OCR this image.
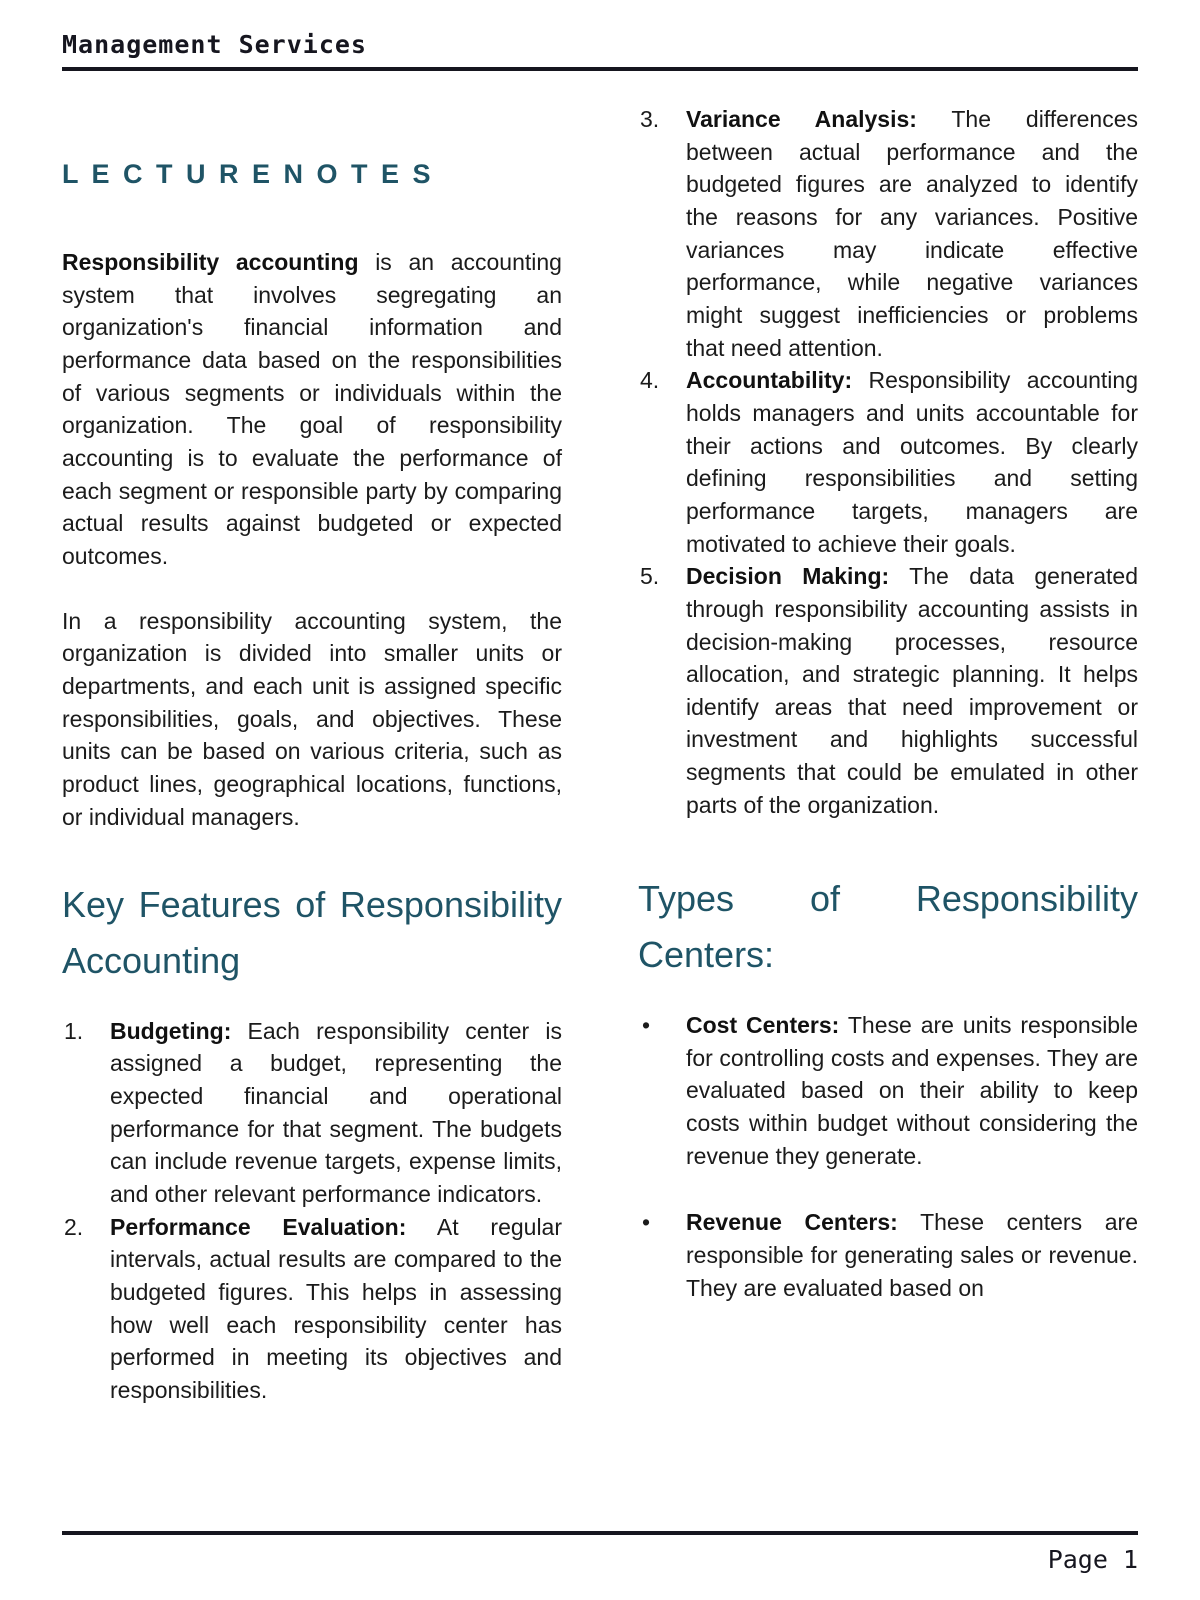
Management Services
L E C T U R E N O T E S

Responsibility accounting is an accounting system that involves segregating an organization's financial information and performance data based on the responsibilities of various segments or individuals within the organization. The goal of responsibility accounting is to evaluate the performance of each segment or responsible party by comparing actual results against budgeted or expected outcomes.

In a responsibility accounting system, the organization is divided into smaller units or departments, and each unit is assigned specific responsibilities, goals, and objectives. These units can be based on various criteria, such as product lines, geographical locations, functions, or individual managers.

Key Features of Responsibility Accounting
1. Budgeting: Each responsibility center is assigned a budget, representing the expected financial and operational performance for that segment. The budgets can include revenue targets, expense limits, and other relevant performance indicators.
2. Performance Evaluation: At regular intervals, actual results are compared to the budgeted figures. This helps in assessing how well each responsibility center has performed in meeting its objectives and responsibilities.
3. Variance Analysis: The differences between actual performance and the budgeted figures are analyzed to identify the reasons for any variances. Positive variances may indicate effective performance, while negative variances might suggest inefficiencies or problems that need attention.
4. Accountability: Responsibility accounting holds managers and units accountable for their actions and outcomes. By clearly defining responsibilities and setting performance targets, managers are motivated to achieve their goals.
5. Decision Making: The data generated through responsibility accounting assists in decision-making processes, resource allocation, and strategic planning. It helps identify areas that need improvement or investment and highlights successful segments that could be emulated in other parts of the organization.
Types of Responsibility Centers:
• Cost Centers: These are units responsible for controlling costs and expenses. They are evaluated based on their ability to keep costs within budget without considering the revenue they generate.
• Revenue Centers: These centers are responsible for generating sales or revenue. They are evaluated based on
Page 1
